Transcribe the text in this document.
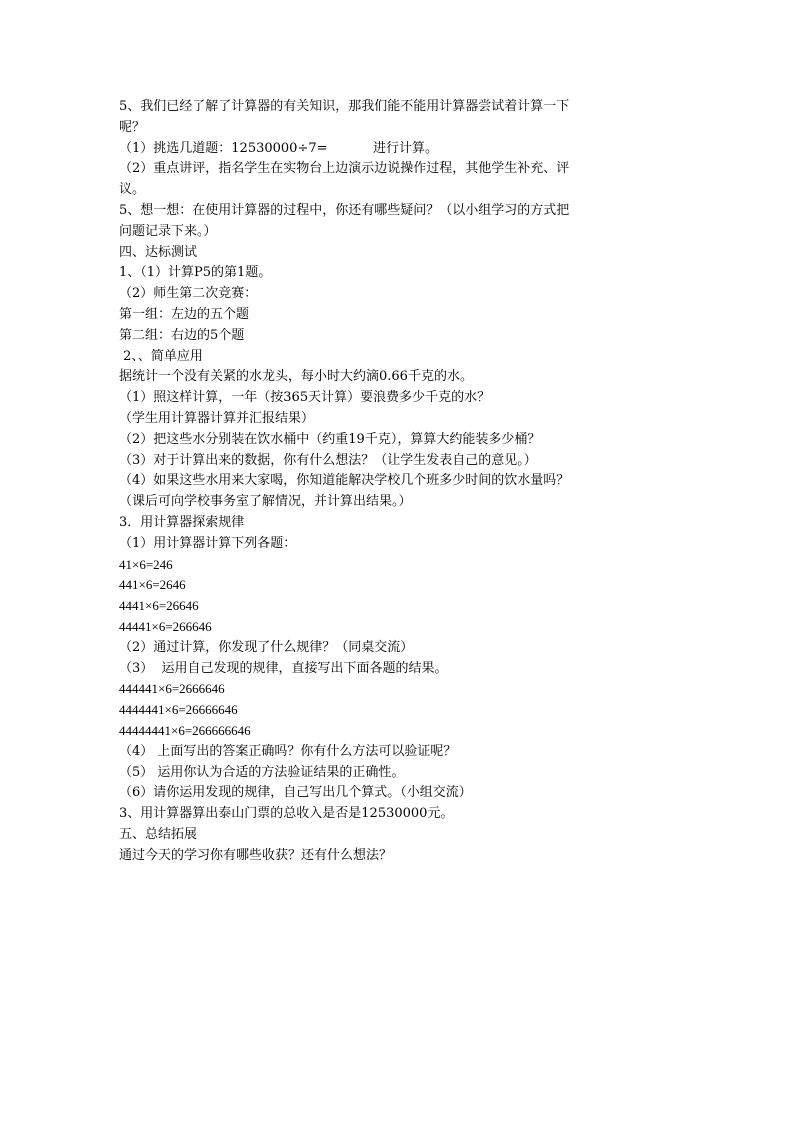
5、我们已经了解了计算器的有关知识，那我们能不能用计算器尝试着计算一下

呢？

（1）挑选几道题：12530000÷7=           进行计算。

（2）重点讲评，指名学生在实物台上边演示边说操作过程，其他学生补充、评

议。

5、想一想：在使用计算器的过程中，你还有哪些疑问？（以小组学习的方式把

问题记录下来。）

四、达标测试

1、（1）计算P5的第1题。

（2）师生第二次竞赛：

第一组：左边的五个题

第二组：右边的5个题

2、、简单应用

据统计一个没有关紧的水龙头，每小时大约滴0.66千克的水。

（1）照这样计算，一年（按365天计算）要浪费多少千克的水？

（学生用计算器计算并汇报结果）

（2）把这些水分别装在饮水桶中（约重19千克），算算大约能装多少桶？

（3）对于计算出来的数据，你有什么想法？（让学生发表自己的意见。）

（4）如果这些水用来大家喝，你知道能解决学校几个班多少时间的饮水量吗？

（课后可向学校事务室了解情况，并计算出结果。）

3．用计算器探索规律

（1）用计算器计算下列各题：

41×6=246

441×6=2646

4441×6=26646

44441×6=266646

（2）通过计算，你发现了什么规律？（同桌交流）

（3）  运用自己发现的规律，直接写出下面各题的结果。

444441×6=2666646

4444441×6=26666646

44444441×6=266666646

（4） 上面写出的答案正确吗？你有什么方法可以验证呢？

（5） 运用你认为合适的方法验证结果的正确性。

（6）请你运用发现的规律，自己写出几个算式。（小组交流）

3、用计算器算出泰山门票的总收入是否是12530000元。

五、总结拓展

通过今天的学习你有哪些收获？还有什么想法？
